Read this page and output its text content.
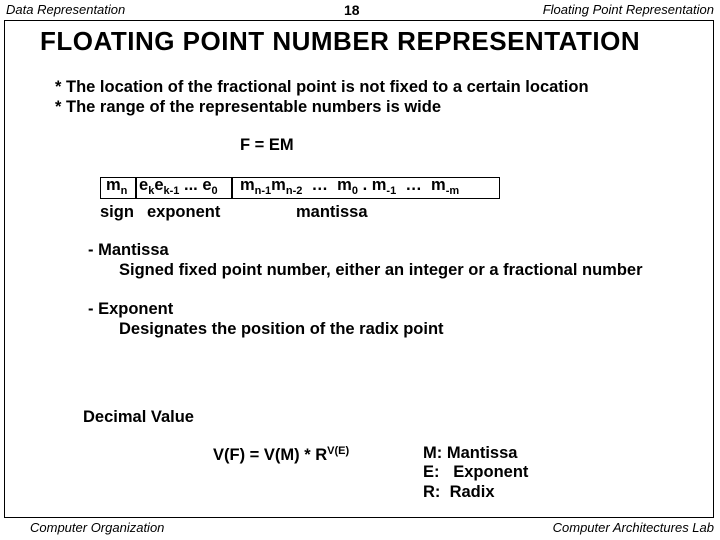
Data Representation	18	Floating Point Representation
FLOATING POINT NUMBER REPRESENTATION
* The location of the fractional point is not fixed to a certain location
* The range of the representable numbers is wide
F = EM
$m_n$ $e_ke_{k-1}$ ... $e_0$ $m_{n-1}m_{n-2}$  …  $m_0$ . $m_{-1}$  …  $m_{-m}$
sign exponent	mantissa
- Mantissa
Signed fixed point number, either an integer or a fractional number
- Exponent
Designates the position of the radix point
Decimal Value
$V(F) = V(M) * R^{V(E)}$	M: Mantissa
E:   Exponent
R:  Radix
Computer Organization	Computer Architectures Lab
